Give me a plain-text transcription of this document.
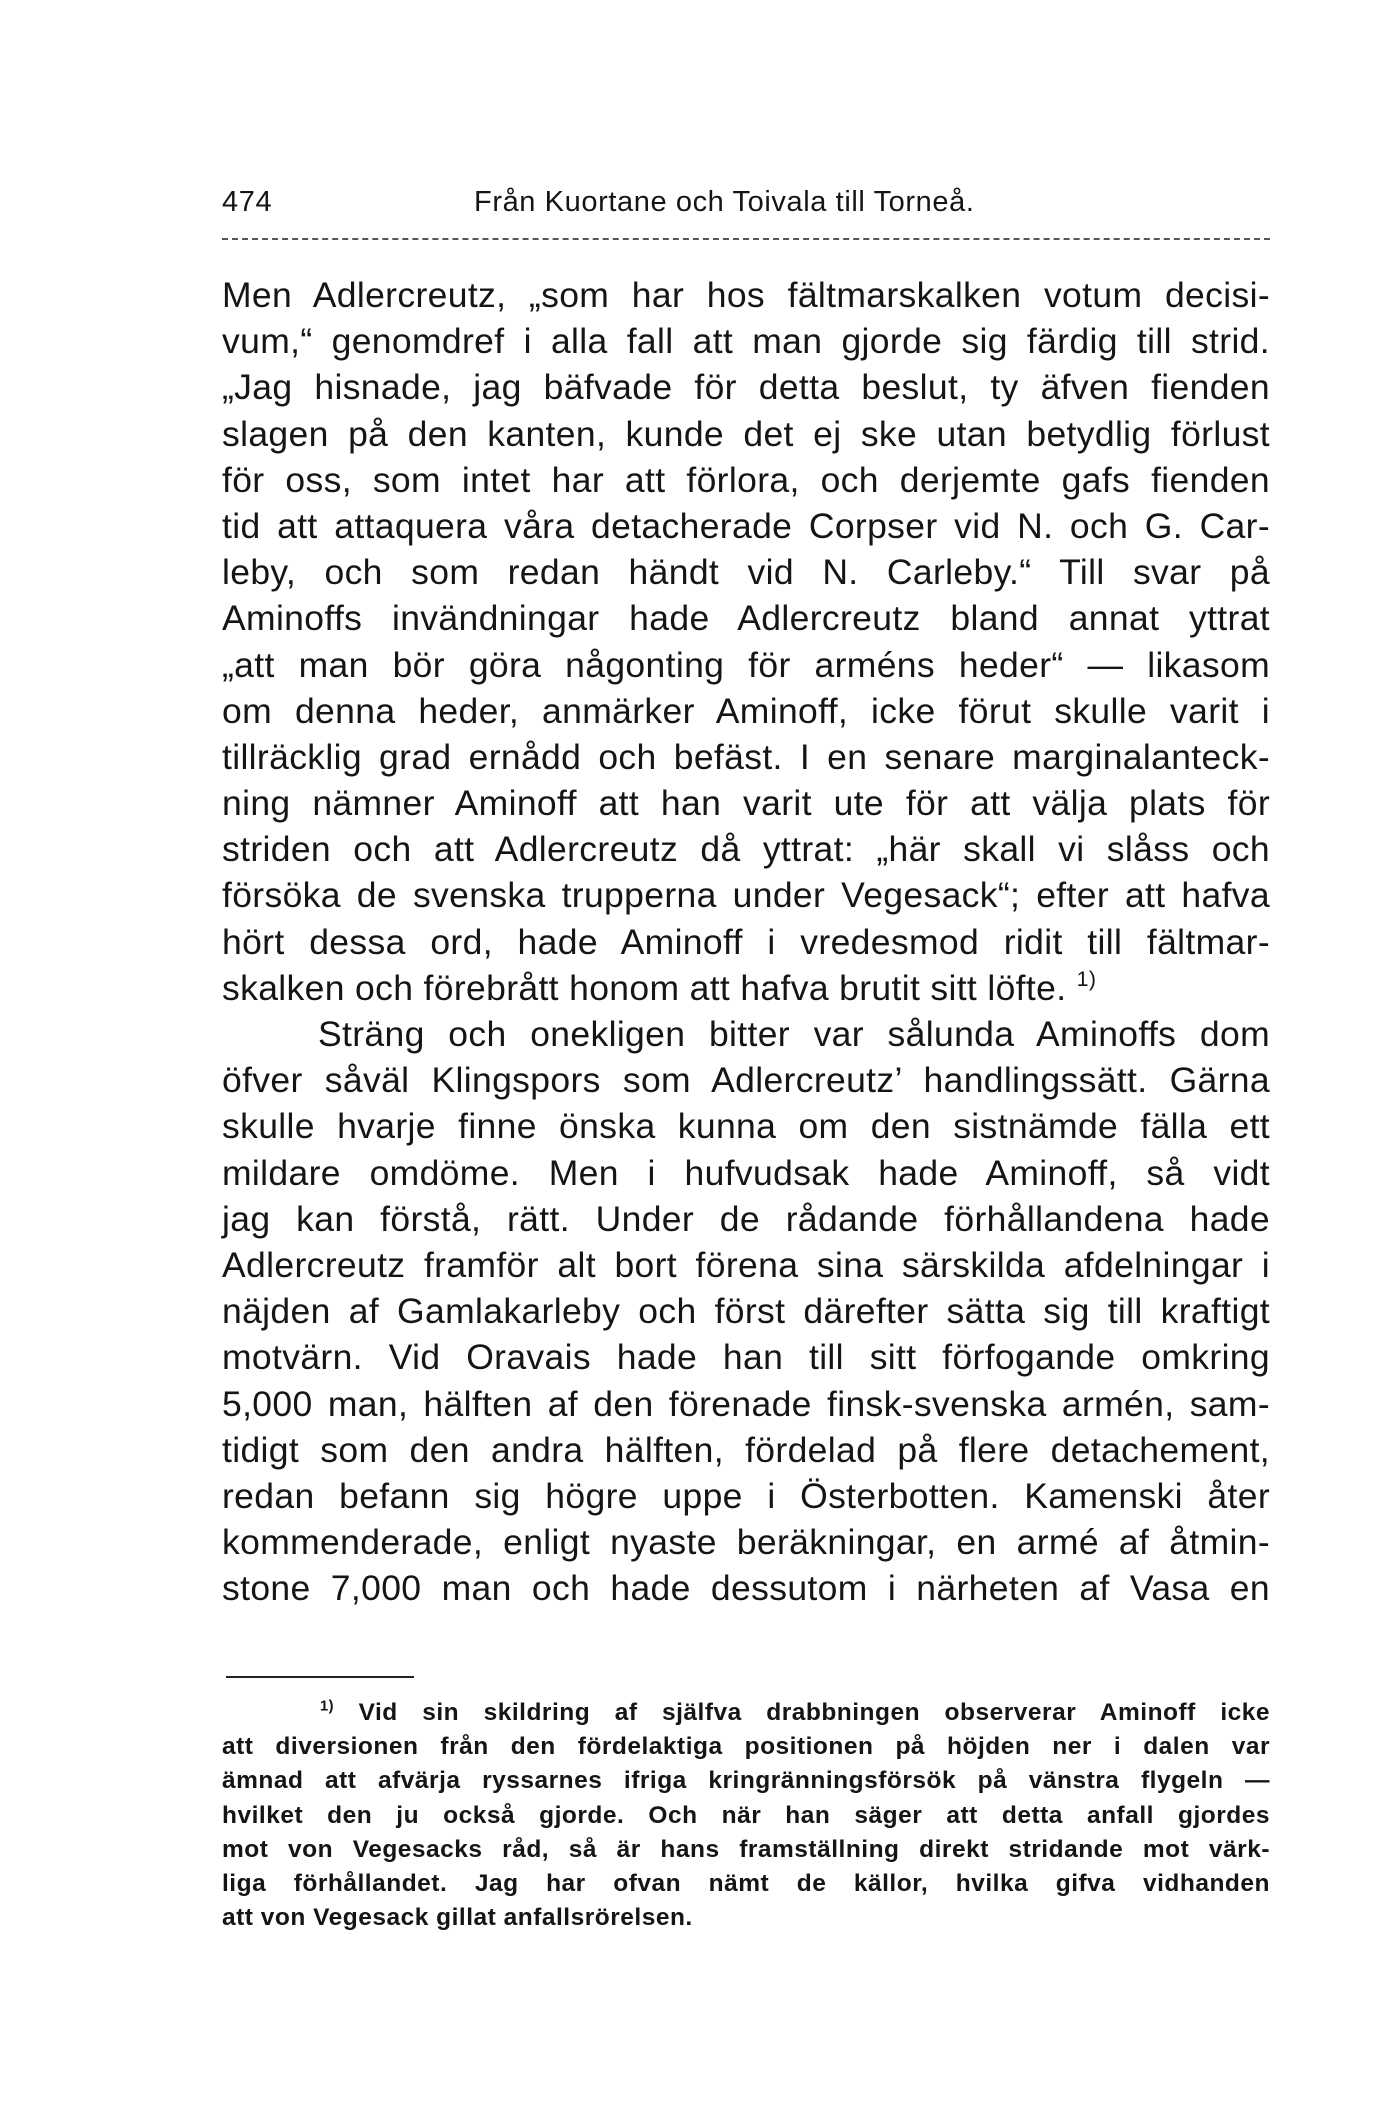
474	Från Kuortane och Toivala till Torneå.
Men Adlercreutz, „som har hos fältmarskalken votum decisi-
vum,“ genomdref i alla fall att man gjorde sig färdig till strid.
„Jag hisnade, jag bäfvade för detta beslut, ty äfven fienden
slagen på den kanten, kunde det ej ske utan betydlig förlust
för oss, som intet har att förlora, och derjemte gafs fienden
tid att attaquera våra detacherade Corpser vid N. och G. Car-
leby, och som redan händt vid N. Carleby.“ Till svar på
Aminoffs invändningar hade Adlercreutz bland annat yttrat
„att man bör göra någonting för arméns heder“ — likasom
om denna heder, anmärker Aminoff, icke förut skulle varit i
tillräcklig grad ernådd och befäst. I en senare marginalanteck-
ning nämner Aminoff att han varit ute för att välja plats för
striden och att Adlercreutz då yttrat: „här skall vi slåss och
försöka de svenska trupperna under Vegesack“; efter att hafva
hört dessa ord, hade Aminoff i vredesmod ridit till fältmar-
skalken och förebrått honom att hafva brutit sitt löfte. $^{1)}$
Sträng och onekligen bitter var sålunda Aminoffs dom
öfver såväl Klingspors som Adlercreutz’ handlingssätt. Gärna
skulle hvarje finne önska kunna om den sistnämde fälla ett
mildare omdöme. Men i hufvudsak hade Aminoff, så vidt
jag kan förstå, rätt. Under de rådande förhållandena hade
Adlercreutz framför alt bort förena sina särskilda afdelningar i
näjden af Gamlakarleby och först därefter sätta sig till kraftigt
motvärn. Vid Oravais hade han till sitt förfogande omkring
5,000 man, hälften af den förenade finsk-svenska armén, sam-
tidigt som den andra hälften, fördelad på flere detachement,
redan befann sig högre uppe i Österbotten. Kamenski åter
kommenderade, enligt nyaste beräkningar, en armé af åtmin-
stone 7,000 man och hade dessutom i närheten af Vasa en
$^{1)}$ Vid sin skildring af själfva drabbningen observerar Aminoff icke
att diversionen från den fördelaktiga positionen på höjden ner i dalen var
ämnad att afvärja ryssarnes ifriga kringränningsförsök på vänstra flygeln —
hvilket den ju också gjorde. Och när han säger att detta anfall gjordes
mot von Vegesacks råd, så är hans framställning direkt stridande mot värk-
liga förhållandet. Jag har ofvan nämt de källor, hvilka gifva vidhanden
att von Vegesack gillat anfallsrörelsen.
